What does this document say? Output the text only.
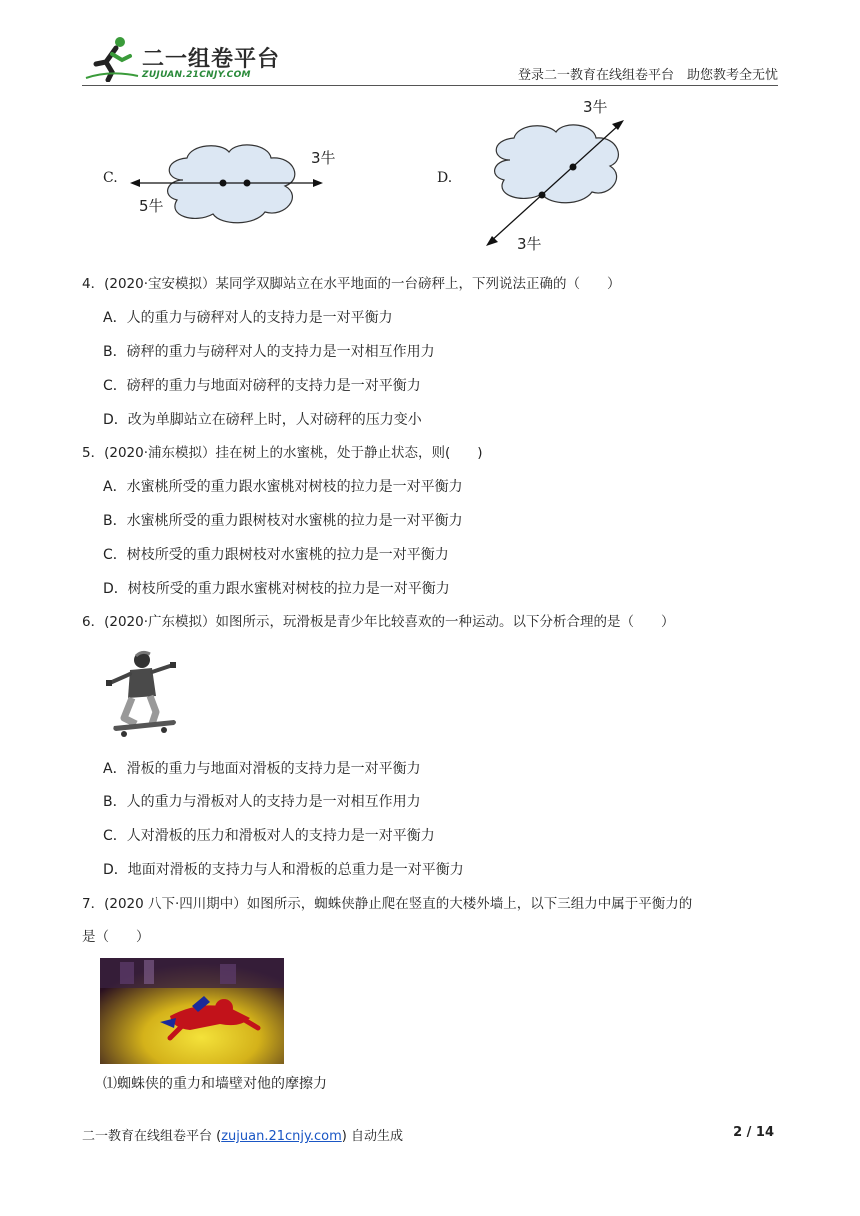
二一组卷平台
ZUJUAN.21CNJY.COM	登录二一教育在线组卷平台　助您教考全无忧
C.
3牛
5牛
D.
3牛
3牛
4．(2020·宝安模拟）某同学双脚站立在水平地面的一台磅秤上，下列说法正确的（　　）
A．人的重力与磅秤对人的支持力是一对平衡力
B．磅秤的重力与磅秤对人的支持力是一对相互作用力
C．磅秤的重力与地面对磅秤的支持力是一对平衡力
D．改为单脚站立在磅秤上时，人对磅秤的压力变小
5．(2020·浦东模拟）挂在树上的水蜜桃，处于静止状态，则(　　)
A．水蜜桃所受的重力跟水蜜桃对树枝的拉力是一对平衡力
B．水蜜桃所受的重力跟树枝对水蜜桃的拉力是一对平衡力
C．树枝所受的重力跟树枝对水蜜桃的拉力是一对平衡力
D．树枝所受的重力跟水蜜桃对树枝的拉力是一对平衡力
6．(2020·广东模拟）如图所示，玩滑板是青少年比较喜欢的一种运动。以下分析合理的是（　　）
A．滑板的重力与地面对滑板的支持力是一对平衡力
B．人的重力与滑板对人的支持力是一对相互作用力
C．人对滑板的压力和滑板对人的支持力是一对平衡力
D．地面对滑板的支持力与人和滑板的总重力是一对平衡力
7．(2020 八下·四川期中）如图所示，蜘蛛侠静止爬在竖直的大楼外墙上，以下三组力中属于平衡力的
是（　　）
⑴蜘蛛侠的重力和墙壁对他的摩擦力
二一教育在线组卷平台 (zujuan.21cnjy.com) 自动生成	2 / 14
